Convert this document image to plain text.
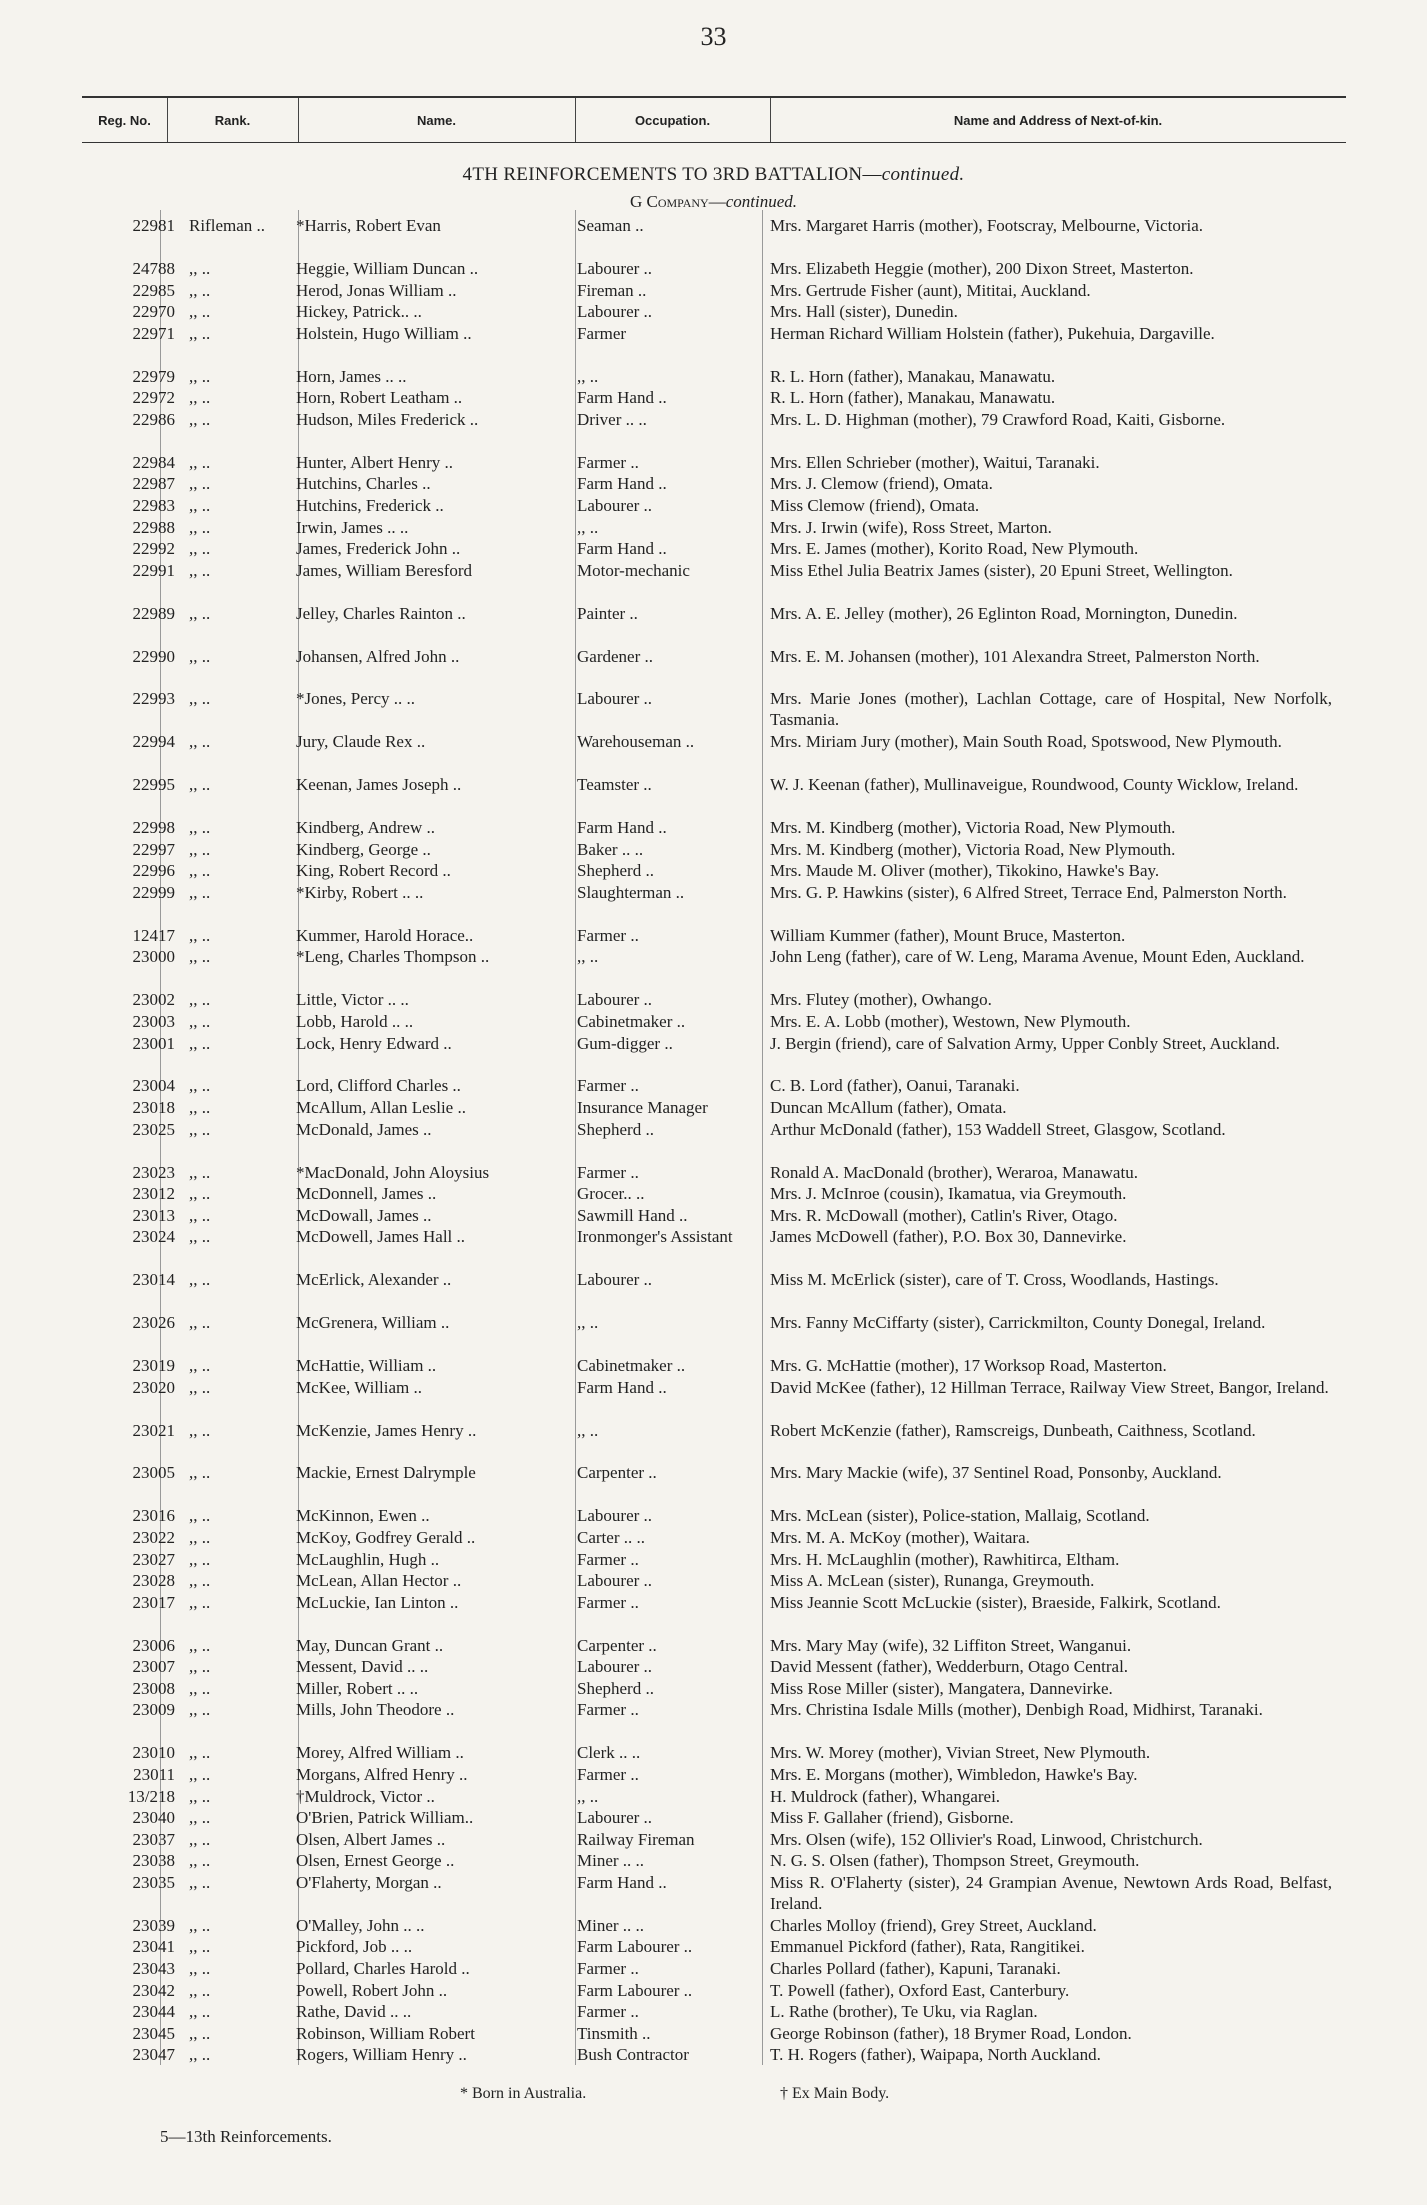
33
Reg. No.	Rank.	Name.	Occupation.	Name and Address of Next-of-kin.
4TH REINFORCEMENTS TO 3RD BATTALION—continued.
G Company—continued.
22981 Rifleman ..	*Harris, Robert Evan	Seaman ..	Mrs. Margaret Harris (mother), Footscray, Melbourne, Victoria.
24788 ,, ..	Heggie, William Duncan ..	Labourer ..	Mrs. Elizabeth Heggie (mother), 200 Dixon Street, Masterton.
22985 ,, ..	Herod, Jonas William ..	Fireman ..	Mrs. Gertrude Fisher (aunt), Mititai, Auckland.
22970 ,, ..	Hickey, Patrick.. ..	Labourer ..	Mrs. Hall (sister), Dunedin.
22971 ,, ..	Holstein, Hugo William ..	Farmer	Herman Richard William Holstein (father), Pukehuia, Dargaville.
22979 ,, ..	Horn, James .. ..	,, ..	R. L. Horn (father), Manakau, Manawatu.
22972 ,, ..	Horn, Robert Leatham ..	Farm Hand ..	R. L. Horn (father), Manakau, Manawatu.
22986 ,, ..	Hudson, Miles Frederick ..	Driver .. ..	Mrs. L. D. Highman (mother), 79 Crawford Road, Kaiti, Gisborne.
22984 ,, ..	Hunter, Albert Henry ..	Farmer ..	Mrs. Ellen Schrieber (mother), Waitui, Taranaki.
22987 ,, ..	Hutchins, Charles ..	Farm Hand ..	Mrs. J. Clemow (friend), Omata.
22983 ,, ..	Hutchins, Frederick ..	Labourer ..	Miss Clemow (friend), Omata.
22988 ,, ..	Irwin, James .. ..	,, ..	Mrs. J. Irwin (wife), Ross Street, Marton.
22992 ,, ..	James, Frederick John ..	Farm Hand ..	Mrs. E. James (mother), Korito Road, New Plymouth.
22991 ,, ..	James, William Beresford	Motor-mechanic	Miss Ethel Julia Beatrix James (sister), 20 Epuni Street, Wellington.
22989 ,, ..	Jelley, Charles Rainton ..	Painter ..	Mrs. A. E. Jelley (mother), 26 Eglinton Road, Mornington, Dunedin.
22990 ,, ..	Johansen, Alfred John ..	Gardener ..	Mrs. E. M. Johansen (mother), 101 Alexandra Street, Palmerston North.
22993 ,, ..	*Jones, Percy .. ..	Labourer ..	Mrs. Marie Jones (mother), Lachlan Cottage, care of Hospital, New Norfolk, Tasmania.
22994 ,, ..	Jury, Claude Rex ..	Warehouseman ..	Mrs. Miriam Jury (mother), Main South Road, Spotswood, New Plymouth.
22995 ,, ..	Keenan, James Joseph ..	Teamster ..	W. J. Keenan (father), Mullinaveigue, Roundwood, County Wicklow, Ireland.
22998 ,, ..	Kindberg, Andrew ..	Farm Hand ..	Mrs. M. Kindberg (mother), Victoria Road, New Plymouth.
22997 ,, ..	Kindberg, George ..	Baker .. ..	Mrs. M. Kindberg (mother), Victoria Road, New Plymouth.
22996 ,, ..	King, Robert Record ..	Shepherd ..	Mrs. Maude M. Oliver (mother), Tikokino, Hawke's Bay.
22999 ,, ..	*Kirby, Robert .. ..	Slaughterman ..	Mrs. G. P. Hawkins (sister), 6 Alfred Street, Terrace End, Palmerston North.
12417 ,, ..	Kummer, Harold Horace..	Farmer ..	William Kummer (father), Mount Bruce, Masterton.
23000 ,, ..	*Leng, Charles Thompson ..	,, ..	John Leng (father), care of W. Leng, Marama Avenue, Mount Eden, Auckland.
23002 ,, ..	Little, Victor .. ..	Labourer ..	Mrs. Flutey (mother), Owhango.
23003 ,, ..	Lobb, Harold .. ..	Cabinetmaker ..	Mrs. E. A. Lobb (mother), Westown, New Plymouth.
23001 ,, ..	Lock, Henry Edward ..	Gum-digger ..	J. Bergin (friend), care of Salvation Army, Upper Conbly Street, Auckland.
23004 ,, ..	Lord, Clifford Charles ..	Farmer ..	C. B. Lord (father), Oanui, Taranaki.
23018 ,, ..	McAllum, Allan Leslie ..	Insurance Manager	Duncan McAllum (father), Omata.
23025 ,, ..	McDonald, James ..	Shepherd ..	Arthur McDonald (father), 153 Waddell Street, Glasgow, Scotland.
23023 ,, ..	*MacDonald, John Aloysius	Farmer ..	Ronald A. MacDonald (brother), Weraroa, Manawatu.
23012 ,, ..	McDonnell, James ..	Grocer.. ..	Mrs. J. McInroe (cousin), Ikamatua, via Greymouth.
23013 ,, ..	McDowall, James ..	Sawmill Hand ..	Mrs. R. McDowall (mother), Catlin's River, Otago.
23024 ,, ..	McDowell, James Hall ..	Ironmonger's Assistant	James McDowell (father), P.O. Box 30, Dannevirke.
23014 ,, ..	McErlick, Alexander ..	Labourer ..	Miss M. McErlick (sister), care of T. Cross, Woodlands, Hastings.
23026 ,, ..	McGrenera, William ..	,, ..	Mrs. Fanny McCiffarty (sister), Carrickmilton, County Donegal, Ireland.
23019 ,, ..	McHattie, William ..	Cabinetmaker ..	Mrs. G. McHattie (mother), 17 Worksop Road, Masterton.
23020 ,, ..	McKee, William ..	Farm Hand ..	David McKee (father), 12 Hillman Terrace, Railway View Street, Bangor, Ireland.
23021 ,, ..	McKenzie, James Henry ..	,, ..	Robert McKenzie (father), Ramscreigs, Dunbeath, Caithness, Scotland.
23005 ,, ..	Mackie, Ernest Dalrymple	Carpenter ..	Mrs. Mary Mackie (wife), 37 Sentinel Road, Ponsonby, Auckland.
23016 ,, ..	McKinnon, Ewen ..	Labourer ..	Mrs. McLean (sister), Police-station, Mallaig, Scotland.
23022 ,, ..	McKoy, Godfrey Gerald ..	Carter .. ..	Mrs. M. A. McKoy (mother), Waitara.
23027 ,, ..	McLaughlin, Hugh ..	Farmer ..	Mrs. H. McLaughlin (mother), Rawhitirca, Eltham.
23028 ,, ..	McLean, Allan Hector ..	Labourer ..	Miss A. McLean (sister), Runanga, Greymouth.
23017 ,, ..	McLuckie, Ian Linton ..	Farmer ..	Miss Jeannie Scott McLuckie (sister), Braeside, Falkirk, Scotland.
23006 ,, ..	May, Duncan Grant ..	Carpenter ..	Mrs. Mary May (wife), 32 Liffiton Street, Wanganui.
23007 ,, ..	Messent, David .. ..	Labourer ..	David Messent (father), Wedderburn, Otago Central.
23008 ,, ..	Miller, Robert .. ..	Shepherd ..	Miss Rose Miller (sister), Mangatera, Dannevirke.
23009 ,, ..	Mills, John Theodore ..	Farmer ..	Mrs. Christina Isdale Mills (mother), Denbigh Road, Midhirst, Taranaki.
23010 ,, ..	Morey, Alfred William ..	Clerk .. ..	Mrs. W. Morey (mother), Vivian Street, New Plymouth.
23011 ,, ..	Morgans, Alfred Henry ..	Farmer ..	Mrs. E. Morgans (mother), Wimbledon, Hawke's Bay.
13/218 ,, ..	†Muldrock, Victor ..	,, ..	H. Muldrock (father), Whangarei.
23040 ,, ..	O'Brien, Patrick William..	Labourer ..	Miss F. Gallaher (friend), Gisborne.
23037 ,, ..	Olsen, Albert James ..	Railway Fireman	Mrs. Olsen (wife), 152 Ollivier's Road, Linwood, Christchurch.
23038 ,, ..	Olsen, Ernest George ..	Miner .. ..	N. G. S. Olsen (father), Thompson Street, Greymouth.
23035 ,, ..	O'Flaherty, Morgan ..	Farm Hand ..	Miss R. O'Flaherty (sister), 24 Grampian Avenue, Newtown Ards Road, Belfast, Ireland.
23039 ,, ..	O'Malley, John .. ..	Miner .. ..	Charles Molloy (friend), Grey Street, Auckland.
23041 ,, ..	Pickford, Job .. ..	Farm Labourer ..	Emmanuel Pickford (father), Rata, Rangitikei.
23043 ,, ..	Pollard, Charles Harold ..	Farmer ..	Charles Pollard (father), Kapuni, Taranaki.
23042 ,, ..	Powell, Robert John ..	Farm Labourer ..	T. Powell (father), Oxford East, Canterbury.
23044 ,, ..	Rathe, David .. ..	Farmer ..	L. Rathe (brother), Te Uku, via Raglan.
23045 ,, ..	Robinson, William Robert	Tinsmith ..	George Robinson (father), 18 Brymer Road, London.
23047 ,, ..	Rogers, William Henry ..	Bush Contractor	T. H. Rogers (father), Waipapa, North Auckland.
* Born in Australia.	† Ex Main Body.
5—13th Reinforcements.
